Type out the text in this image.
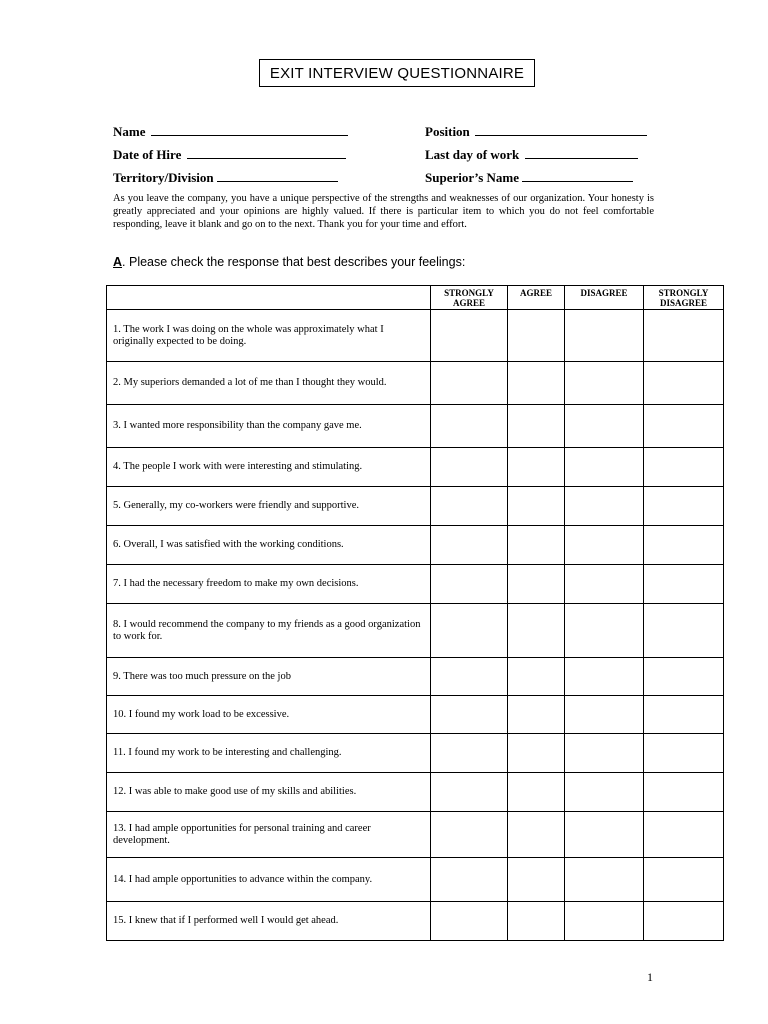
EXIT INTERVIEW QUESTIONNAIRE
Name	Position
Date of Hire	Last day of work
Territory/Division	Superior’s Name
As you leave the company, you have a unique perspective of the strengths and weaknesses of our organization. Your honesty is greatly appreciated and your opinions are highly valued. If there is particular item to which you do not feel comfortable responding, leave it blank and go on to the next. Thank you for your time and effort.
A. Please check the response that best describes your feelings:
	STRONGLY AGREE	AGREE	DISAGREE	STRONGLY DISAGREE
1. The work I was doing on the whole was approximately what I originally expected to be doing.				
2. My superiors demanded a lot of me than I thought they would.				
3. I wanted more responsibility than the company gave me.				
4. The people I work with were interesting and stimulating.				
5. Generally, my co-workers were friendly and supportive.				
6. Overall, I was satisfied with the working conditions.				
7. I had the necessary freedom to make my own decisions.				
8. I would recommend the company to my friends as a good organization to work for.				
9. There was too much pressure on the job				
10. I found my work load to be excessive.				
11. I found my work to be interesting and challenging.				
12. I was able to make good use of my skills and abilities.				
13. I had ample opportunities for personal training and career development.				
14. I had ample opportunities to advance within the company.				
15. I knew that if I performed well I would get ahead.				
1
